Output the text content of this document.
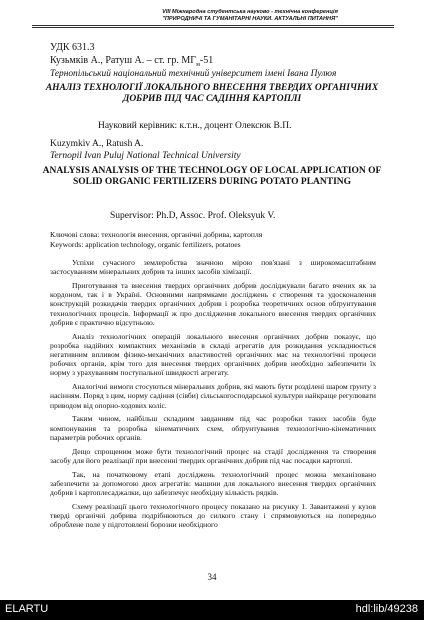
VIII Міжнародна студентська науково - технічна конференція
"ПРИРОДНИЧІ ТА ГУМАНІТАРНІ НАУКИ. АКТУАЛЬНІ ПИТАННЯ"
УДК 631.3
Кузьмків А., Ратуш А. – ст. гр. $МГ_м-51$
Тернопільський національний технічний університет імені Івана Пулюя
АНАЛІЗ ТЕХНОЛОГІЇ ЛОКАЛЬНОГО ВНЕСЕННЯ ТВЕРДИХ ОРГАНІЧНИХ ДОБРИВ ПІД ЧАС САДІННЯ КАРТОПЛІ
Науковий керівник: к.т.н., доцент Олексюк В.П.
Kuzymkiv A., Ratush A.
Ternopil Ivan Puluj National Technical University
ANALYSIS ANALYSIS OF THE TECHNOLOGY OF LOCAL APPLICATION OF SOLID ORGANIC FERTILIZERS DURING POTATO PLANTING
Supervisor: Ph.D, Assoc. Prof. Oleksyuk V.
Ключові слова: технологія внесення, органічні добрива, картопля
Keywords: application technology, organic fertilizers, potatoes

Успіхи сучасного землеробства значною мірою пов'язані з широкомасштабним застосуванням мінеральних добрив та інших засобів хімізації.

Приготування та внесення твердих органічних добрив досліджували багато вчених як за кордоном, так і в Україні. Основними напрямками досліджень є створення та удосконалення конструкцій розкидачів твердих органічних добрив і розробка теоретичних основ обґрунтування технологічних процесів. Інформації ж про дослідження локального внесення твердих органічних добрив є практично відсутньою.

Аналіз технологічних операцій локального внесення органічних добрив показує, що розробка надійних компактних механізмів в складі агрегатів для розкидання ускладнюється негативним впливом фізико-механічних властивостей органічних мас на технологічні процеси робочих органів, крім того для внесення твердих органічних добрив необхідно забезпечити їх норму з урахуванням поступальної швидкості агрегату.

Аналогічні вимоги стосуються мінеральних добрив, які мають бути розділені шаром ґрунту з насінням. Поряд з цим, норму садіння (сівби) сільськогосподарської культури найкраще регулювати приводом від опорно-ходових коліс.

Таким чином, найбільш складним завданням під час розробки таких засобів буде компонування та розробка кінематичних схем, обґрунтування технологічно-кінематичних параметрів робочих органів.

Дещо спрощеним може бути технологічний процес на стадії дослідження та створення засобу для його реалізації при внесенні твердих органічних добрив під час посадки картоплі.

Так, на початковому етапі досліджень технологічний процес можна механізовано забезпечити за допомогою двох агрегатів: машини для локального внесення твердих органічних добрив і картоплесаджалки, що забезпечує необхідну кількість рядків.

Схему реалізації цього технологічного процесу показано на рисунку 1. Завантажені у кузов тверді органічні добрива подрібнюються до силкого стану і спрямовуються на попередньо оброблене поле у підготовлені борозни необхідного

34
ELARTU	hdl:lib/49238
